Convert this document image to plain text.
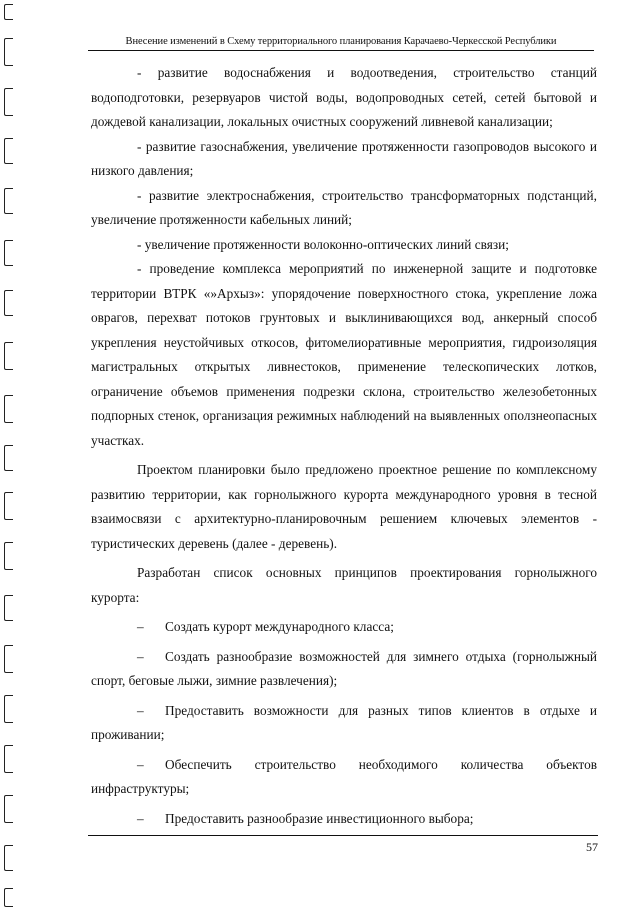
Внесение изменений в Схему территориального планирования Карачаево-Черкесской Республики

- развитие водоснабжения и водоотведения, строительство станций водоподготовки, резервуаров чистой воды, водопроводных сетей, сетей бытовой и дождевой канализации, локальных очистных сооружений ливневой канализации;

- развитие газоснабжения, увеличение протяженности газопроводов высокого и низкого давления;

- развитие электроснабжения, строительство трансформаторных подстанций, увеличение протяженности кабельных линий;

- увеличение протяженности волоконно-оптических линий связи;

- проведение комплекса мероприятий по инженерной защите и подготовке территории ВТРК «»Архыз»: упорядочение поверхностного стока, укрепление ложа оврагов, перехват потоков грунтовых и выклинивающихся вод, анкерный способ укрепления неустойчивых откосов, фитомелиоративные мероприятия, гидроизоляция магистральных открытых ливнестоков, применение телескопических лотков, ограничение объемов применения подрезки склона, строительство железобетонных подпорных стенок, организация режимных наблюдений на выявленных оползнеопасных участках.

Проектом планировки было предложено проектное решение по комплексному развитию территории, как горнолыжного курорта международного уровня в тесной взаимосвязи с архитектурно-планировочным решением ключевых элементов - туристических деревень (далее - деревень).

Разработан список основных принципов проектирования горнолыжного курорта:

– Создать курорт международного класса;

– Создать разнообразие возможностей для зимнего отдыха (горнолыжный спорт, беговые лыжи, зимние развлечения);

– Предоставить возможности для разных типов клиентов в отдыхе и проживании;

– Обеспечить строительство необходимого количества объектов инфраструктуры;

– Предоставить разнообразие инвестиционного выбора;

57
